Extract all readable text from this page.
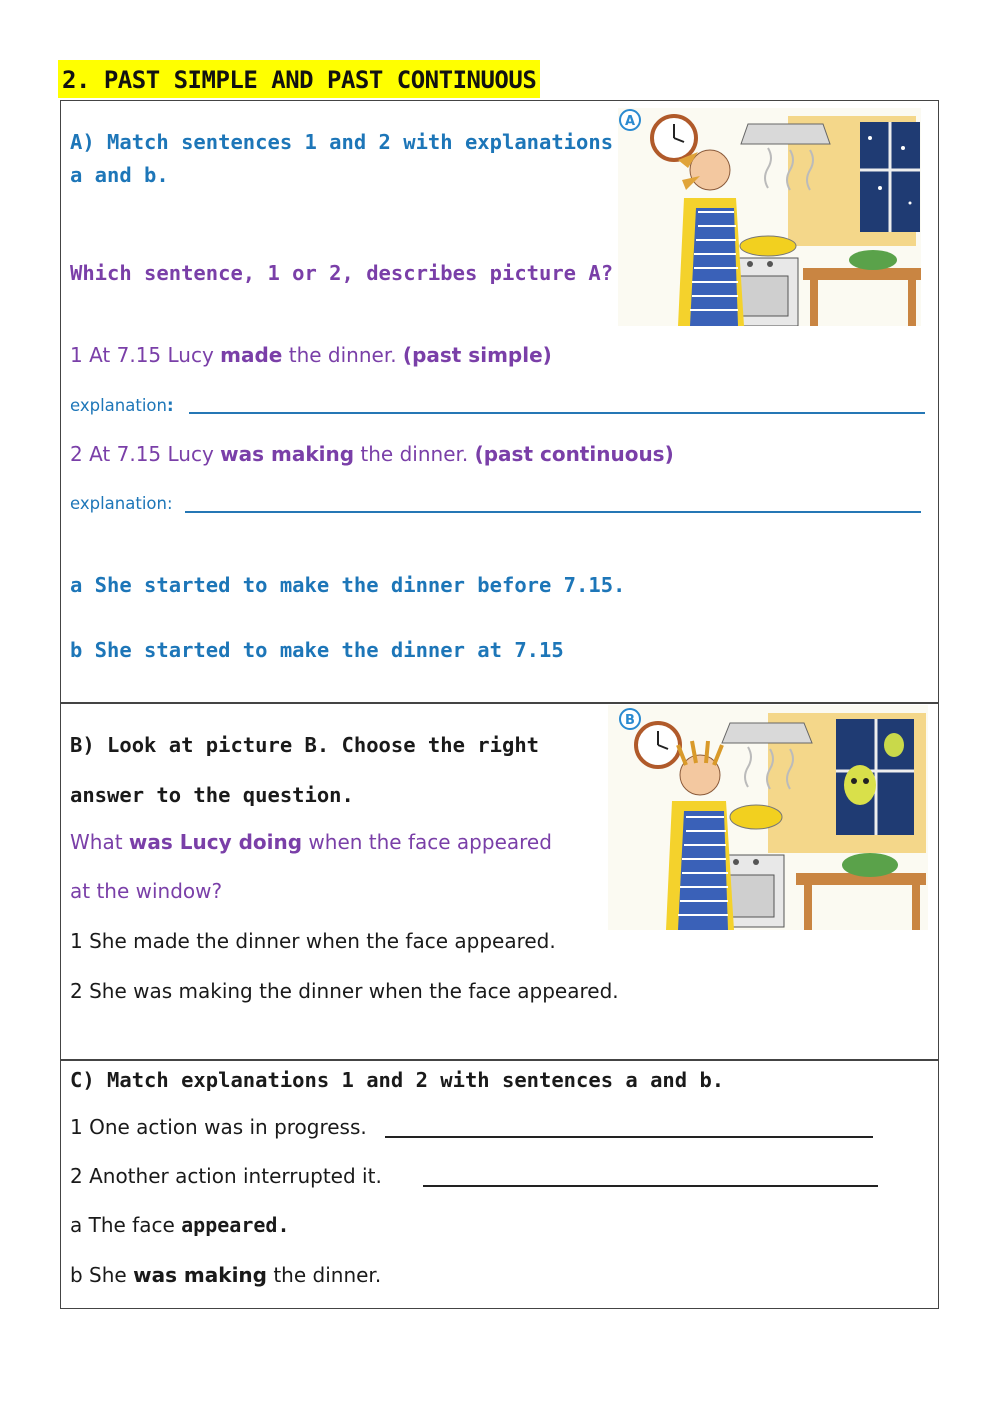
2. PAST SIMPLE AND PAST CONTINUOUS
A) Match sentences 1 and 2 with explanations
a and b.
Which sentence, 1 or 2, describes picture A?
1 At 7.15 Lucy made the dinner. (past simple)
explanation:
2 At 7.15 Lucy was making the dinner. (past continuous)
explanation:
a She started to make the dinner before 7.15.
b She started to make the dinner at 7.15
A
B) Look at picture B. Choose the right
answer to the question.
What was Lucy doing when the face appeared
at the window?
1 She made the dinner when the face appeared.
2 She was making the dinner when the face appeared.
B
C) Match explanations 1 and 2 with sentences a and b.
1 One action was in progress.
2 Another action interrupted it.
a The face appeared.
b She was making the dinner.
